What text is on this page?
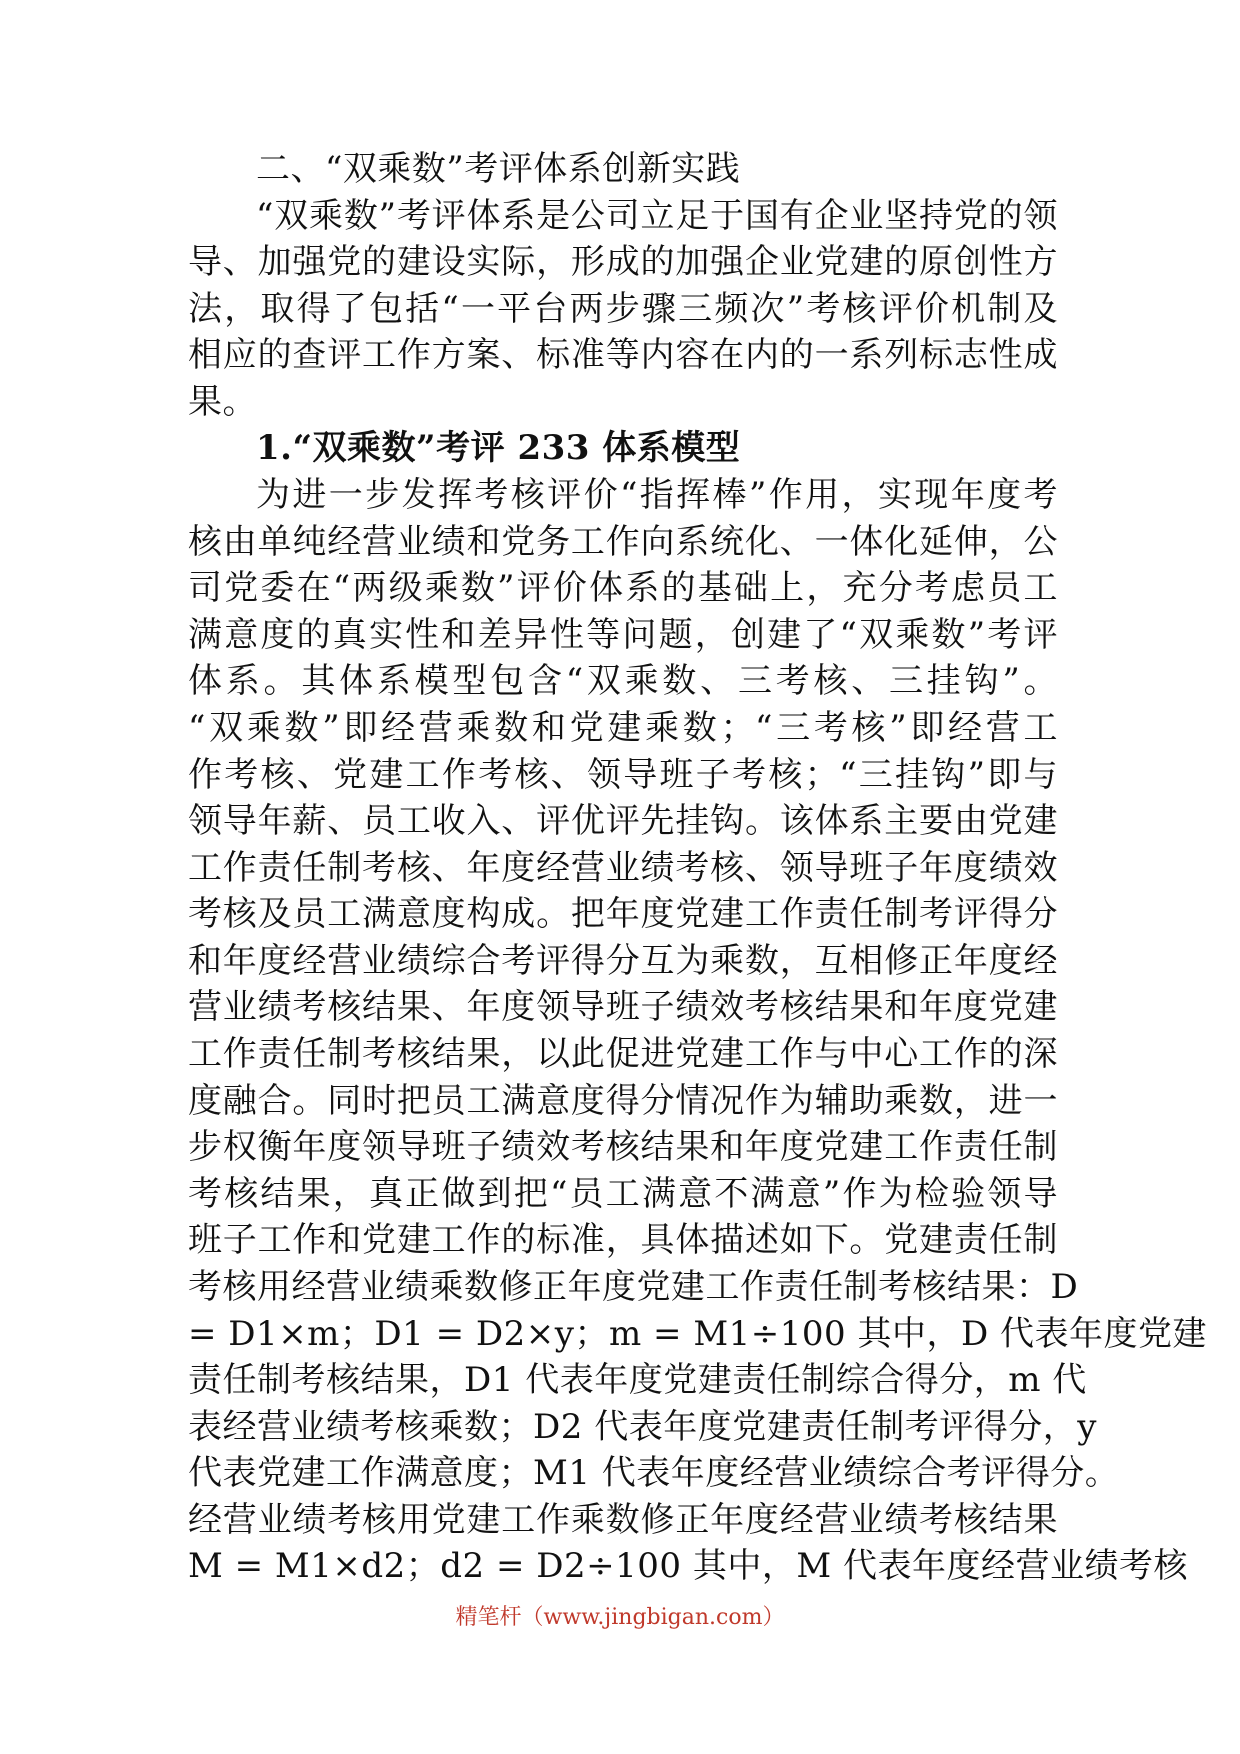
二、“双乘数”考评体系创新实践
“双乘数”考评体系是公司立足于国有企业坚持党的领
导、加强党的建设实际，形成的加强企业党建的原创性方
法，取得了包括“一平台两步骤三频次”考核评价机制及
相应的查评工作方案、标准等内容在内的一系列标志性成
果。
1.“双乘数”考评 233 体系模型
为进一步发挥考核评价“指挥棒”作用，实现年度考
核由单纯经营业绩和党务工作向系统化、一体化延伸，公
司党委在“两级乘数”评价体系的基础上，充分考虑员工
满意度的真实性和差异性等问题，创建了“双乘数”考评
体系。其体系模型包含“双乘数、三考核、三挂钩”。
“双乘数”即经营乘数和党建乘数；“三考核”即经营工
作考核、党建工作考核、领导班子考核；“三挂钩”即与
领导年薪、员工收入、评优评先挂钩。该体系主要由党建
工作责任制考核、年度经营业绩考核、领导班子年度绩效
考核及员工满意度构成。把年度党建工作责任制考评得分
和年度经营业绩综合考评得分互为乘数，互相修正年度经
营业绩考核结果、年度领导班子绩效考核结果和年度党建
工作责任制考核结果，以此促进党建工作与中心工作的深
度融合。同时把员工满意度得分情况作为辅助乘数，进一
步权衡年度领导班子绩效考核结果和年度党建工作责任制
考核结果，真正做到把“员工满意不满意”作为检验领导
班子工作和党建工作的标准，具体描述如下。党建责任制
考核用经营业绩乘数修正年度党建工作责任制考核结果：D
= D1×m；D1 = D2×y；m = M1÷100 其中，D 代表年度党建
责任制考核结果，D1 代表年度党建责任制综合得分，m 代
表经营业绩考核乘数；D2 代表年度党建责任制考评得分，y
代表党建工作满意度；M1 代表年度经营业绩综合考评得分。
经营业绩考核用党建工作乘数修正年度经营业绩考核结果
M = M1×d2；d2 = D2÷100 其中，M 代表年度经营业绩考核
精笔杆（www.jingbigan.com）
